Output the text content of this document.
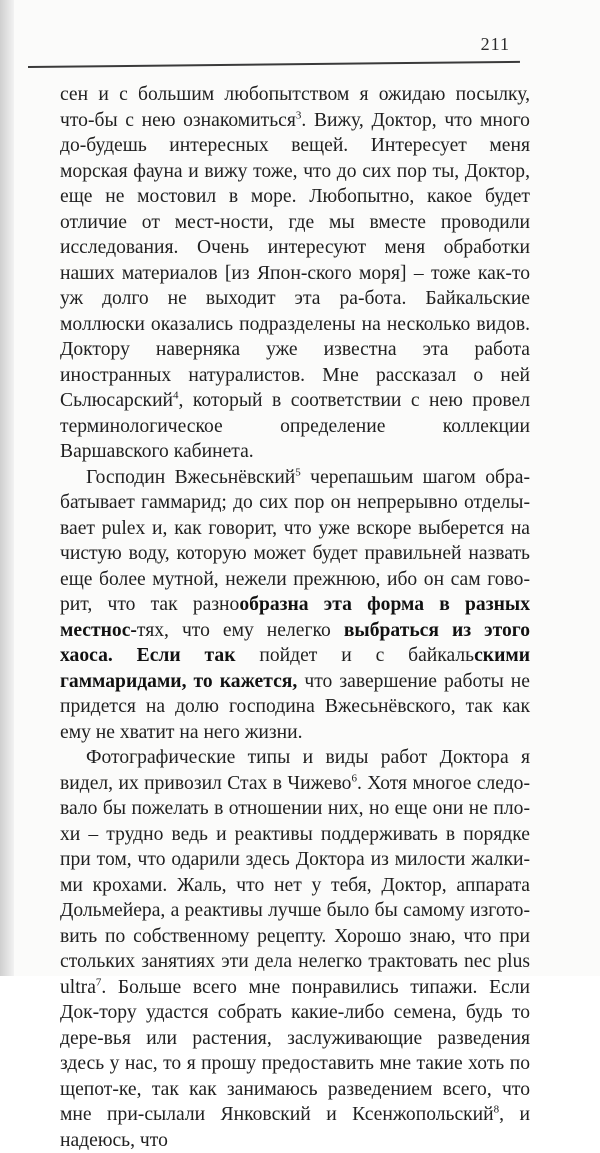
211

сен и с большим любопытством я ожидаю посылку, что-бы с нею ознакомиться$^3$. Вижу, Доктор, что много до-будешь интересных вещей. Интересует меня морская фауна и вижу тоже, что до сих пор ты, Доктор, еще не мостовил в море. Любопытно, какое будет отличие от мест-ности, где мы вместе проводили исследования. Очень интересуют меня обработки наших материалов [из Япон-ского моря] – тоже как-то уж долго не выходит эта ра-бота. Байкальские моллюски оказались подразделены на несколько видов. Доктору наверняка уже известна эта работа иностранных натуралистов. Мне рассказал о ней Сьлюсарский$^4$, который в соответствии с нею провел терминологическое определение коллекции Варшавского кабинета.

Господин Вжесьнёвский$^5$ черепашьим шагом обра-батывает гаммарид; до сих пор он непрерывно отделы-вает pulex и, как говорит, что уже вскоре выберется на чистую воду, которую может будет правильней назвать еще более мутной, нежели прежнюю, ибо он сам гово-рит, что так разнообразна эта форма в разных местнос-тях, что ему нелегко выбраться из этого хаоса. Если так пойдет и с байкальскими гаммаридами, то кажется, что завершение работы не придется на долю господина Вжесьнёвского, так как ему не хватит на него жизни.

Фотографические типы и виды работ Доктора я видел, их привозил Стах в Чижево$^6$. Хотя многое следо-вало бы пожелать в отношении них, но еще они не пло-хи – трудно ведь и реактивы поддерживать в порядке при том, что одарили здесь Доктора из милости жалки-ми крохами. Жаль, что нет у тебя, Доктор, аппарата Дольмейера, а реактивы лучше было бы самому изгото-вить по собственному рецепту. Хорошо знаю, что при стольких занятиях эти дела нелегко трактовать nec plus ultra$^7$. Больше всего мне понравились типажи. Если Док-тору удастся собрать какие-либо семена, будь то дере-вья или растения, заслуживающие разведения здесь у нас, то я прошу предоставить мне такие хоть по щепот-ке, так как занимаюсь разведением всего, что мне при-сылали Янковский и Ксенжопольский$^8$, и надеюсь, что
